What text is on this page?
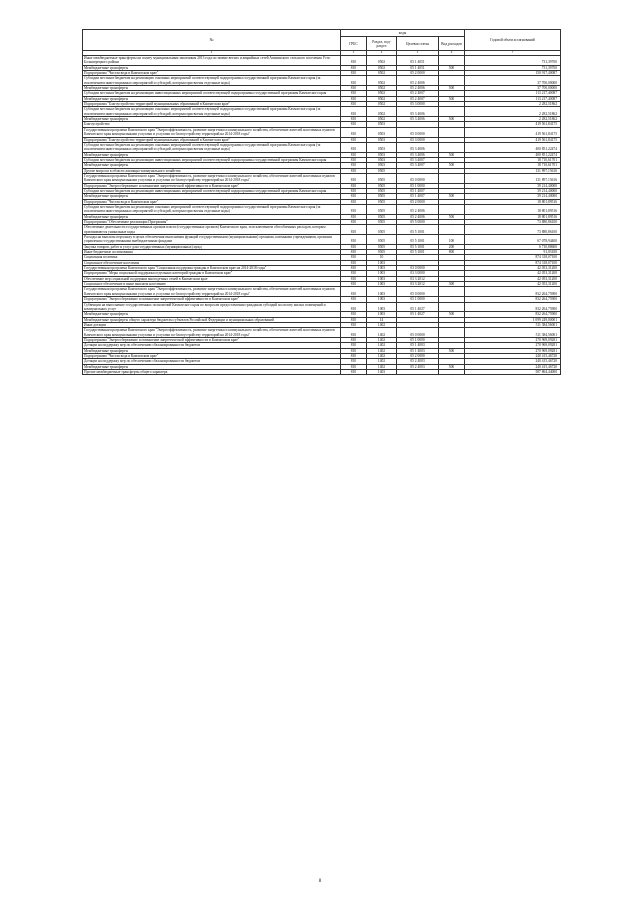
№	коды				Годовой объем ассигнований
	ГРБС	Раздел, под-раздел	Целевая статья	Вид расходов	
2	3	4	5	6	7
Иные межбюджетные трансферты на оплату муниципальным заказчиком 2013 года по замене ветхих и аварийных сетей Апачинского сельского поселения Усть-Большерецкого района	810	0502	05 1 4051		731,39700
Межбюджетные трансферты	810	0502	05 1 4051	500	731,39700
Подпрограмма "Чистая вода в Камчатском крае"	810	0502	05 2 0000		150 917,40087
Субсидии местным бюджетам на реализацию основных мероприятий соответствующей подпрограммы государственной программы Камчатского края (за исключением инвестиционных мероприятий и субсидий, которым присвоены отдельные коды)	810	0502	05 2 4006		37 700,00000
Межбюджетные трансферты	810	0502	05 2 4006	500	37 700,00000
Субсидии местным бюджетам на реализацию инвестиционных мероприятий соответствующей подпрограммы государственной программы Камчатского края	810	0502	05 2 4007		113 217,40087
Межбюджетные трансферты	810	0502	05 2 4007	500	113 217,40087
Подпрограмма "Благоустройство территорий муниципальных образований в Камчатском крае"	810	0502	05 3 0000		2 282,51862
Субсидии местным бюджетам на реализацию основных мероприятий соответствующей подпрограммы государственной программы Камчатского края (за исключением инвестиционных мероприятий и субсидий, которым присвоены отдельные коды)	810	0502	05 3 4006		2 282,51862
Межбюджетные трансферты	810	0502	05 3 4006	500	2 282,51862
Благоустройство	810	0503			419 561,84175
Государственная программа Камчатского края "Энергоэффективность, развитие энергетики и коммунального хозяйства, обеспечение жителей населенных пунктов Камчатского края коммунальными услугами и услугами по благоустройству территорий на 2014-2018 годы"	810	0503	05 0 0000		419 561,84175
Подпрограмма "Благоустройство территорий муниципальных образований в Камчатском крае"	810	0503	05 3 0000		419 561,84175
Субсидии местным бюджетам на реализацию основных мероприятий соответствующей подпрограммы государственной программы Камчатского края (за исключением инвестиционных мероприятий и субсидий, которым присвоены отдельные коды)	810	0503	05 3 4006		400 851,22474
Межбюджетные трансферты	810	0503	05 3 4006	500	400 851,22474
Субсидии местным бюджетам на реализацию инвестиционных мероприятий соответствующей подпрограммы государственной программы Камчатского края	810	0503	05 3 4007		18 710,61701
Межбюджетные трансферты	810	0503	05 3 4007	500	18 710,61701
Другие вопросы в области жилищно-коммунального хозяйства	810	0505			131 897,15616
Государственная программа Камчатского края "Энергоэффективность, развитие энергетики и коммунального хозяйства, обеспечение жителей населенных пунктов Камчатского края коммунальными услугами и услугами по благоустройству территорий на 2014-2018 годы"	810	0505	05 0 0000		131 897,15616
Подпрограмма "Энергосбережение и повышение энергетической эффективности в Камчатском крае"	810	0505	05 1 0000		39 214,40000
Субсидии местным бюджетам на реализацию инвестиционных мероприятий соответствующей подпрограммы государственной программы Камчатского края	810	0505	05 1 4007		39 214,40000
Межбюджетные трансферты	810	0505	05 1 4007	500	39 214,40000
Подпрограмма "Чистая вода в Камчатском крае"	810	0505	05 2 0000		18 801,89516
Субсидии местным бюджетам на реализацию основных мероприятий соответствующей подпрограммы государственной программы Камчатского края (за исключением инвестиционных мероприятий и субсидий, которым присвоены отдельные коды)	810	0505	05 2 4006		18 801,89516
Межбюджетные трансферты	810	0505	05 2 4006	500	18 801,89516
Подпрограмма "Обеспечение реализации Программы"	810	0505	05 5 0000		73 880,86100
Обеспечение деятельности государственных органов власти (государственных органов) Камчатского края, за исключением обособленных расходов, которым присваиваются уникальные коды	810	0505	05 5 1001		73 880,86100
Расходы на выплаты персоналу в целях обеспечения выполнения функций государственными (муниципальными) органами, казенными учреждениями, органами управления государственными внебюджетными фондами	810	0505	05 5 1001	100	67 078,94400
Закупка товаров, работ и услуг для государственных (муниципальных) нужд	810	0505	05 5 1001	200	6 710,88600
Иные бюджетные ассигнования	810	0505	05 5 1001	800	91,03100
Социальная политика	810	10			874 318,07100
Социальное обеспечение населения	810	1003			874 318,07100
Государственная программа Камчатского края "Социальная поддержка граждан в Камчатском крае на 2014-2018 годы"	810	1003	03 0 0000		42 053,31200
Подпрограмма "Меры социальной поддержки отдельных категорий граждан в Камчатском крае"	810	1003	03 3 0000		42 053,31200
Обеспечение мер социальной поддержки многодетных семей в Камчатском крае	810	1003	03 3 2012		42 053,31200
Социальное обеспечение и иные выплаты населению	810	1003	03 3 2012	300	42 053,31200
Государственная программа Камчатского края "Энергоэффективность, развитие энергетики и коммунального хозяйства, обеспечение жителей населенных пунктов Камчатского края коммунальными услугами и услугами по благоустройству территорий на 2014-2018 годы"	810	1003	05 0 0000		832 264,75900
Подпрограмма "Энергосбережение и повышение энергетической эффективности в Камчатском крае"	810	1003	05 1 0000		832 264,75900
Субвенции на выполнение государственных полномочий Камчатского края по вопросам предоставления гражданам субсидий на оплату жилых помещений и коммунальных услуг	810	1003	05 1 4027		832 264,75900
Межбюджетные трансферты	810	1003	05 1 4027	500	832 264,75900
Межбюджетные трансферты общего характера бюджетам субъектов Российской Федерации и муниципальных образований	810	14			1 099 249,00001
Иные дотации	810	1402			511 384,56001
Государственная программа Камчатского края "Энергоэффективность, развитие энергетики и коммунального хозяйства, обеспечение жителей населенных пунктов Камчатского края коммунальными услугами и услугами по благоустройству территорий на 2014-2018 годы"	810	1402	05 0 0000		511 384,56001
Подпрограмма "Энергосбережение и повышение энергетической эффективности в Камчатском крае"	810	1402	05 1 0000		270 969,09281
Дотации на поддержку мер по обеспечению сбалансированности бюджетов	810	1402	05 1 4003		270 969,09281
Межбюджетные трансферты	810	1402	05 1 4003	500	270 969,09281
Подпрограмма "Чистая вода в Камчатском крае"	810	1402	05 2 0000		240 415,46720
Дотации на поддержку мер по обеспечению сбалансированности бюджетов	810	1402	05 2 4003		240 415,46720
Межбюджетные трансферты	810	1402	05 2 4003	500	240 415,46720
Прочие межбюджетные трансферты общего характера	810	1403			587 864,44000
8
